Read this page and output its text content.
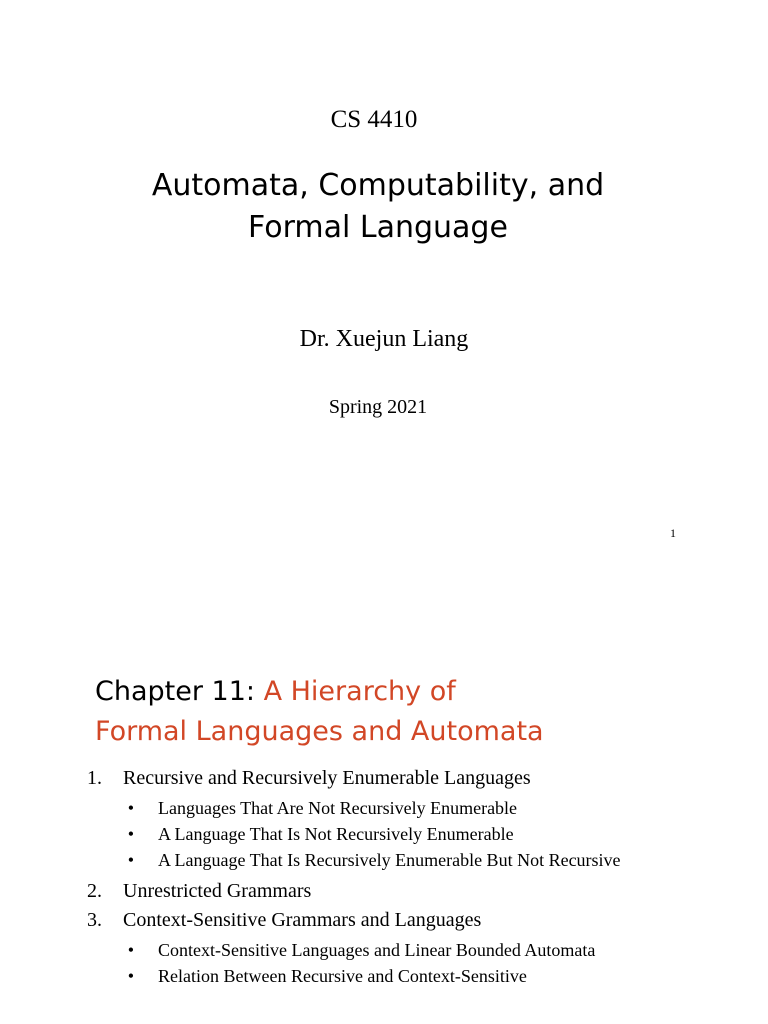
CS 4410
Automata, Computability, and
Formal Language
Dr. Xuejun Liang
Spring 2021
1
Chapter 11: A Hierarchy of
Formal Languages and Automata
1.	Recursive and Recursively Enumerable Languages
•	Languages That Are Not Recursively Enumerable
•	A Language That Is Not Recursively Enumerable
•	A Language That Is Recursively Enumerable But Not Recursive
2.	Unrestricted Grammars
3.	Context-Sensitive Grammars and Languages
•	Context-Sensitive Languages and Linear Bounded Automata
•	Relation Between Recursive and Context-Sensitive
